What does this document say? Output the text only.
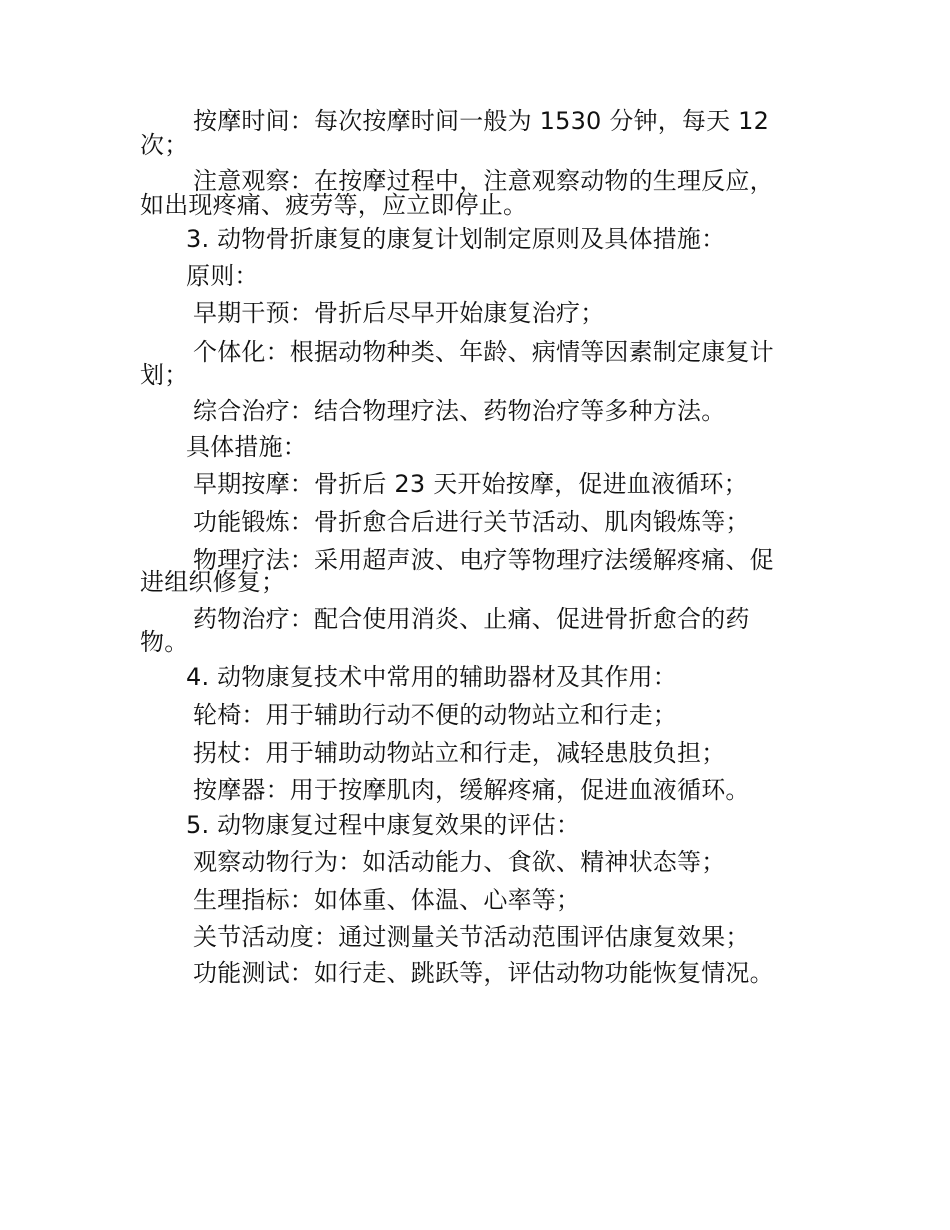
按摩时间：每次按摩时间一般为 1530 分钟，每天 12
次；
注意观察：在按摩过程中，注意观察动物的生理反应，
如出现疼痛、疲劳等，应立即停止。
3. 动物骨折康复的康复计划制定原则及具体措施：
原则：
早期干预：骨折后尽早开始康复治疗；
个体化：根据动物种类、年龄、病情等因素制定康复计
划；
综合治疗：结合物理疗法、药物治疗等多种方法。
具体措施：
早期按摩：骨折后 23 天开始按摩，促进血液循环；
功能锻炼：骨折愈合后进行关节活动、肌肉锻炼等；
物理疗法：采用超声波、电疗等物理疗法缓解疼痛、促
进组织修复；
药物治疗：配合使用消炎、止痛、促进骨折愈合的药
物。
4. 动物康复技术中常用的辅助器材及其作用：
轮椅：用于辅助行动不便的动物站立和行走；
拐杖：用于辅助动物站立和行走，减轻患肢负担；
按摩器：用于按摩肌肉，缓解疼痛，促进血液循环。
5. 动物康复过程中康复效果的评估：
观察动物行为：如活动能力、食欲、精神状态等；
生理指标：如体重、体温、心率等；
关节活动度：通过测量关节活动范围评估康复效果；
功能测试：如行走、跳跃等，评估动物功能恢复情况。
